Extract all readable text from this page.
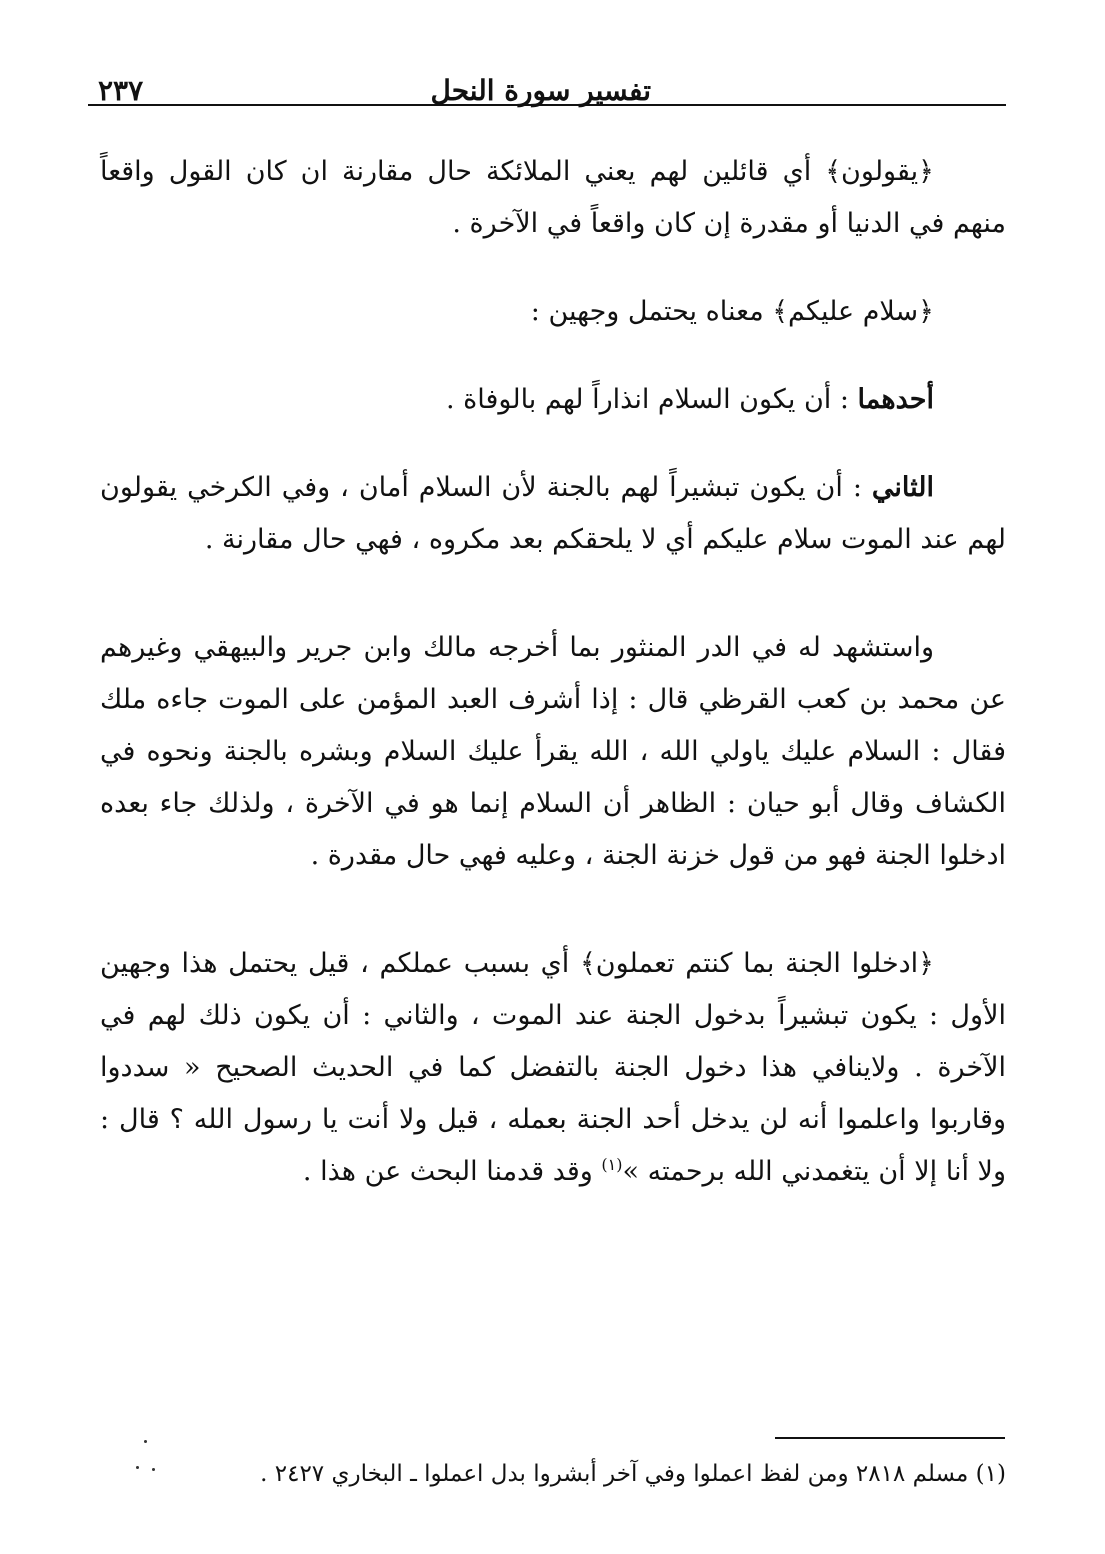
تفسير سورة النحل
٢٣٧

﴿يقولون﴾ أي قائلين لهم يعني الملائكة حال مقارنة ان كان القول واقعاً منهم في الدنيا أو مقدرة إن كان واقعاً في الآخرة .

﴿سلام عليكم﴾ معناه يحتمل وجهين :

أحدهما : أن يكون السلام انذاراً لهم بالوفاة .

الثاني : أن يكون تبشيراً لهم بالجنة لأن السلام أمان ، وفي الكرخي يقولون لهم عند الموت سلام عليكم أي لا يلحقكم بعد مكروه ، فهي حال مقارنة .

واستشهد له في الدر المنثور بما أخرجه مالك وابن جرير والبيهقي وغيرهم عن محمد بن كعب القرظي قال : إذا أشرف العبد المؤمن على الموت جاءه ملك فقال : السلام عليك ياولي الله ، الله يقرأ عليك السلام وبشره بالجنة ونحوه في الكشاف وقال أبو حيان : الظاهر أن السلام إنما هو في الآخرة ، ولذلك جاء بعده ادخلوا الجنة فهو من قول خزنة الجنة ، وعليه فهي حال مقدرة .

﴿ادخلوا الجنة بما كنتم تعملون﴾ أي بسبب عملكم ، قيل يحتمل هذا وجهين الأول : يكون تبشيراً بدخول الجنة عند الموت ، والثاني : أن يكون ذلك لهم في الآخرة . ولاينافي هذا دخول الجنة بالتفضل كما في الحديث الصحيح « سددوا وقاربوا واعلموا أنه لن يدخل أحد الجنة بعمله ، قيل ولا أنت يا رسول الله ؟ قال : ولا أنا إلا أن يتغمدني الله برحمته »$^{(١)}$ وقد قدمنا البحث عن هذا .

(١) مسلم ٢٨١٨ ومن لفظ اعملوا وفي آخر أبشروا بدل اعملوا ـ البخاري ٢٤٢٧ .
